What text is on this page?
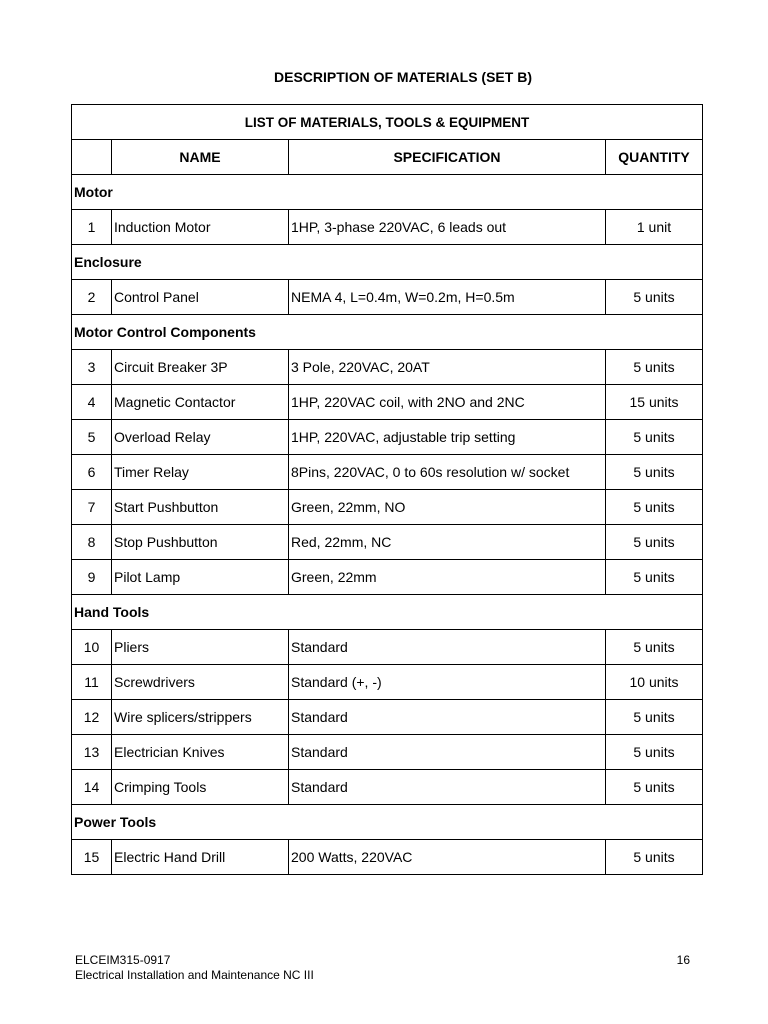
DESCRIPTION OF MATERIALS (SET B)
LIST OF MATERIALS, TOOLS & EQUIPMENT			
	NAME	SPECIFICATION	QUANTITY
Motor			
1	Induction Motor	1HP, 3-phase 220VAC, 6 leads out	1 unit
Enclosure			
2	Control Panel	NEMA 4, L=0.4m, W=0.2m, H=0.5m	5 units
Motor Control Components			
3	Circuit Breaker 3P	3 Pole, 220VAC, 20AT	5 units
4	Magnetic Contactor	1HP, 220VAC coil, with 2NO and 2NC	15 units
5	Overload Relay	1HP, 220VAC, adjustable trip setting	5 units
6	Timer Relay	8Pins, 220VAC, 0 to 60s resolution w/ socket	5 units
7	Start Pushbutton	Green, 22mm, NO	5 units
8	Stop Pushbutton	Red, 22mm, NC	5 units
9	Pilot Lamp	Green, 22mm	5 units
Hand Tools			
10	Pliers	Standard	5 units
11	Screwdrivers	Standard (+, -)	10 units
12	Wire splicers/strippers	Standard	5 units
13	Electrician Knives	Standard	5 units
14	Crimping Tools	Standard	5 units
Power Tools			
15	Electric Hand Drill	200 Watts, 220VAC	5 units
ELCEIM315-0917
Electrical Installation and Maintenance NC III
16
